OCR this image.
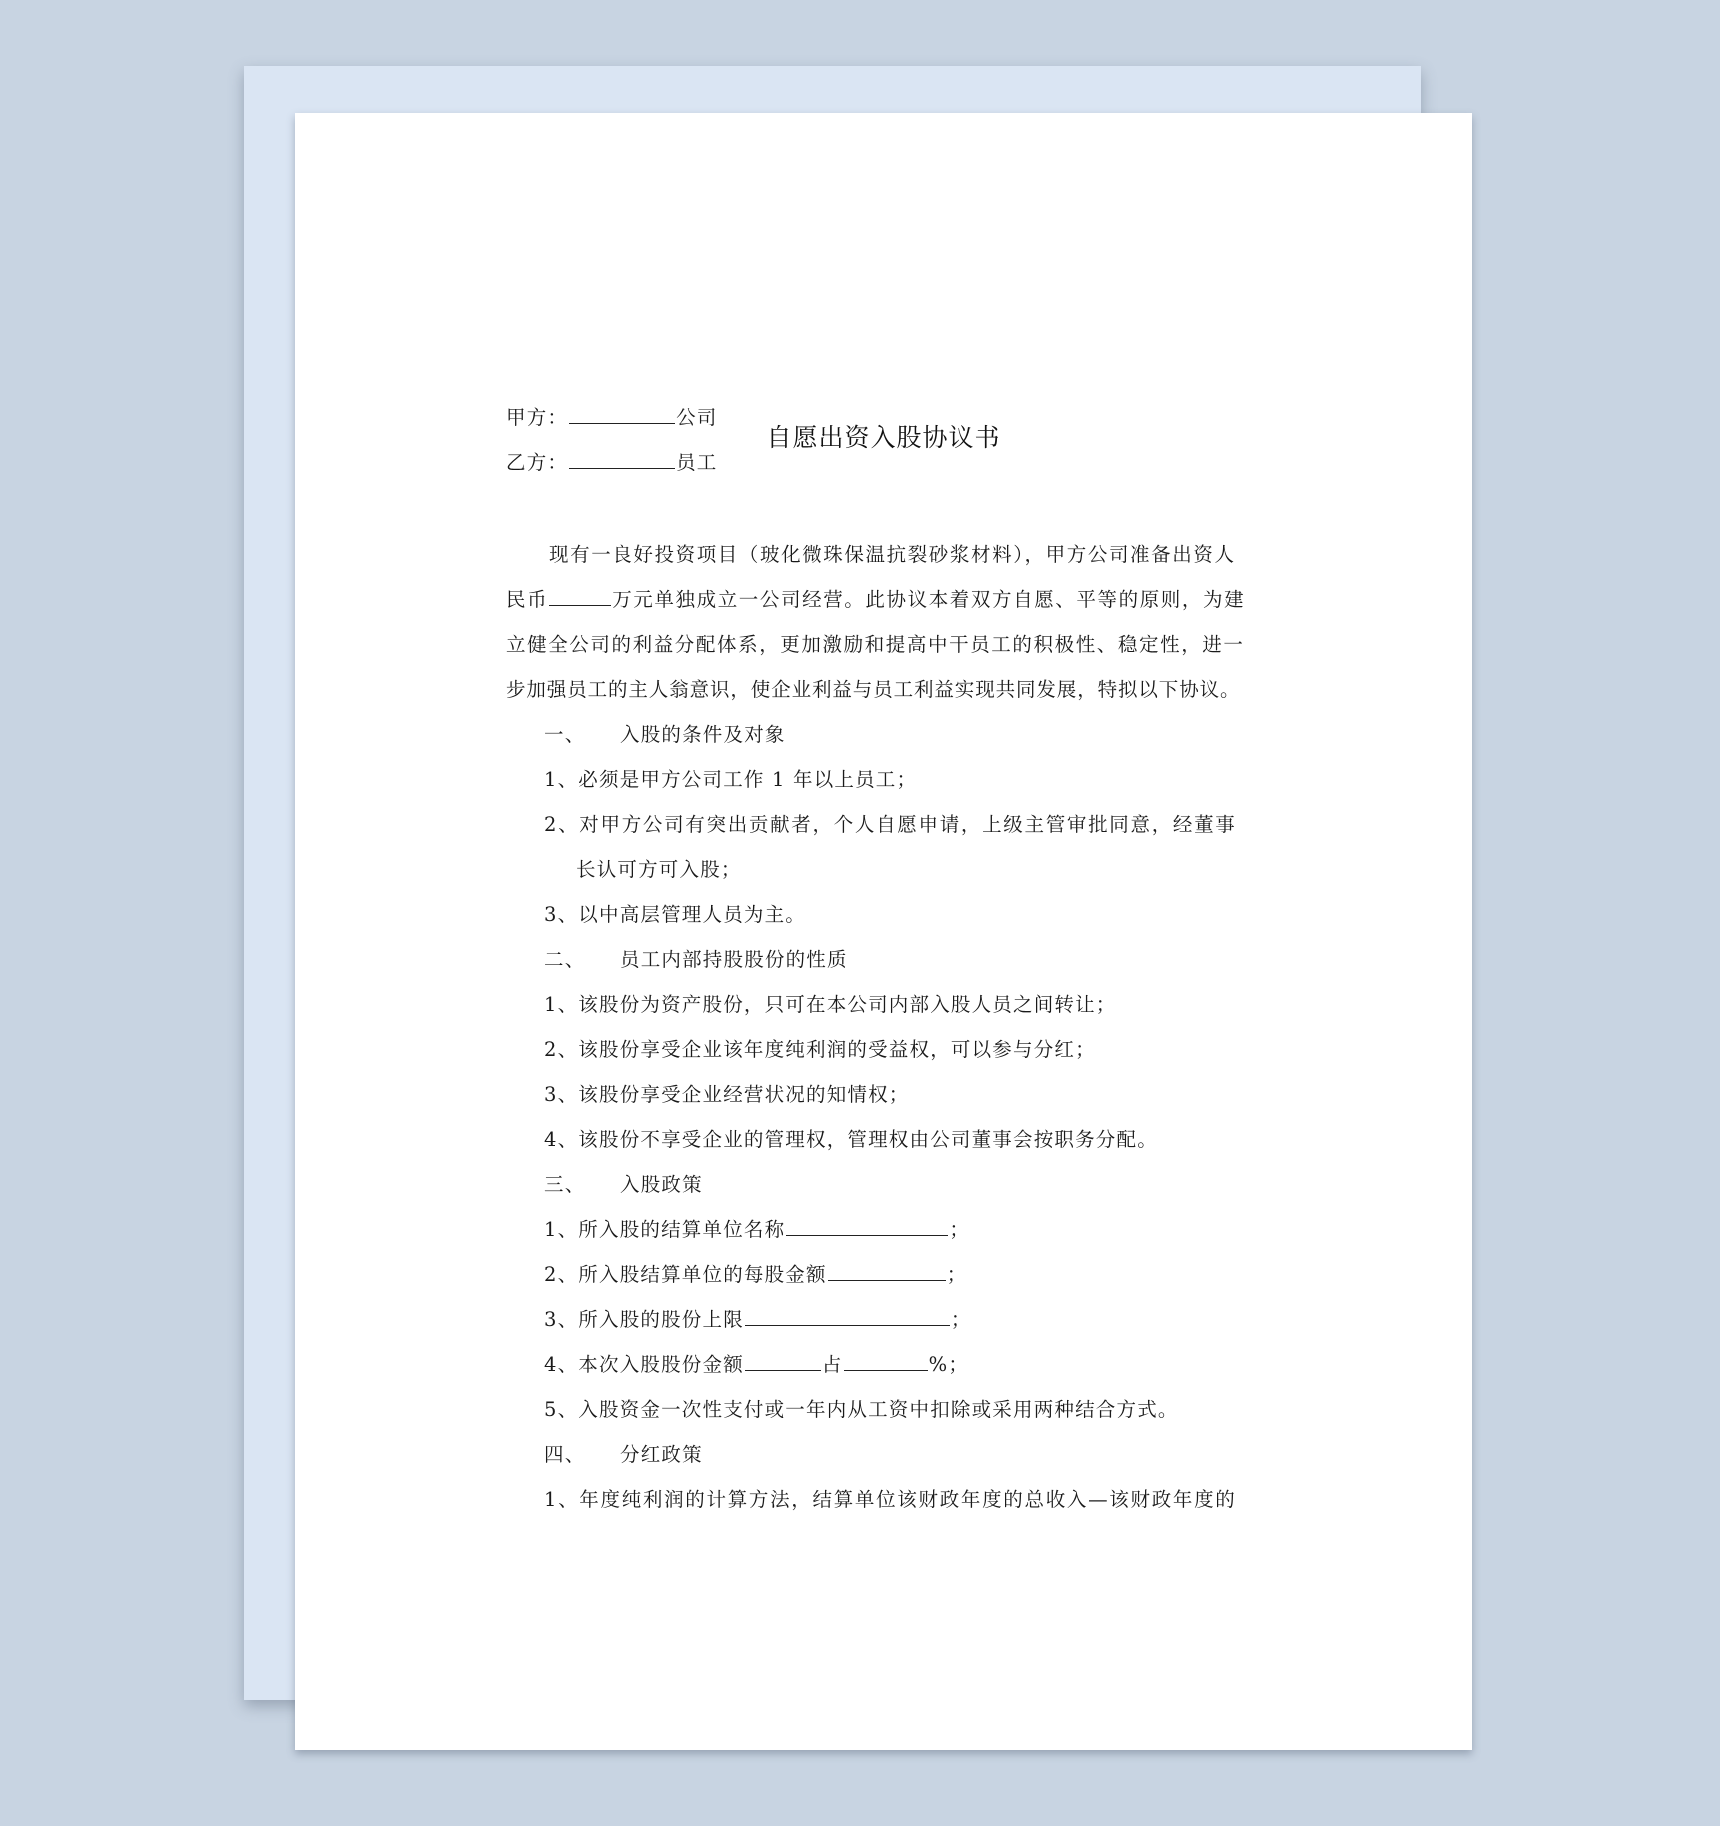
自愿出资入股协议书
甲方：	公司
乙方：	员工
现有一良好投资项目（玻化微珠保温抗裂砂浆材料），甲方公司准备出资人
民币	万元单独成立一公司经营。此协议本着双方自愿、平等的原则，为建
立健全公司的利益分配体系，更加激励和提高中干员工的积极性、稳定性，进一
步加强员工的主人翁意识，使企业利益与员工利益实现共同发展，特拟以下协议。
一、 入股的条件及对象
1、必须是甲方公司工作 1 年以上员工；
2、对甲方公司有突出贡献者，个人自愿申请，上级主管审批同意，经董事
长认可方可入股；
3、以中高层管理人员为主。
二、 员工内部持股股份的性质
1、该股份为资产股份，只可在本公司内部入股人员之间转让；
2、该股份享受企业该年度纯利润的受益权，可以参与分红；
3、该股份享受企业经营状况的知情权；
4、该股份不享受企业的管理权，管理权由公司董事会按职务分配。
三、 入股政策
1、所入股的结算单位名称	；
2、所入股结算单位的每股金额	；
3、所入股的股份上限	；
4、本次入股股份金额	占	%；
5、入股资金一次性支付或一年内从工资中扣除或采用两种结合方式。
四、 分红政策
1、年度纯利润的计算方法，结算单位该财政年度的总收入—该财政年度的
